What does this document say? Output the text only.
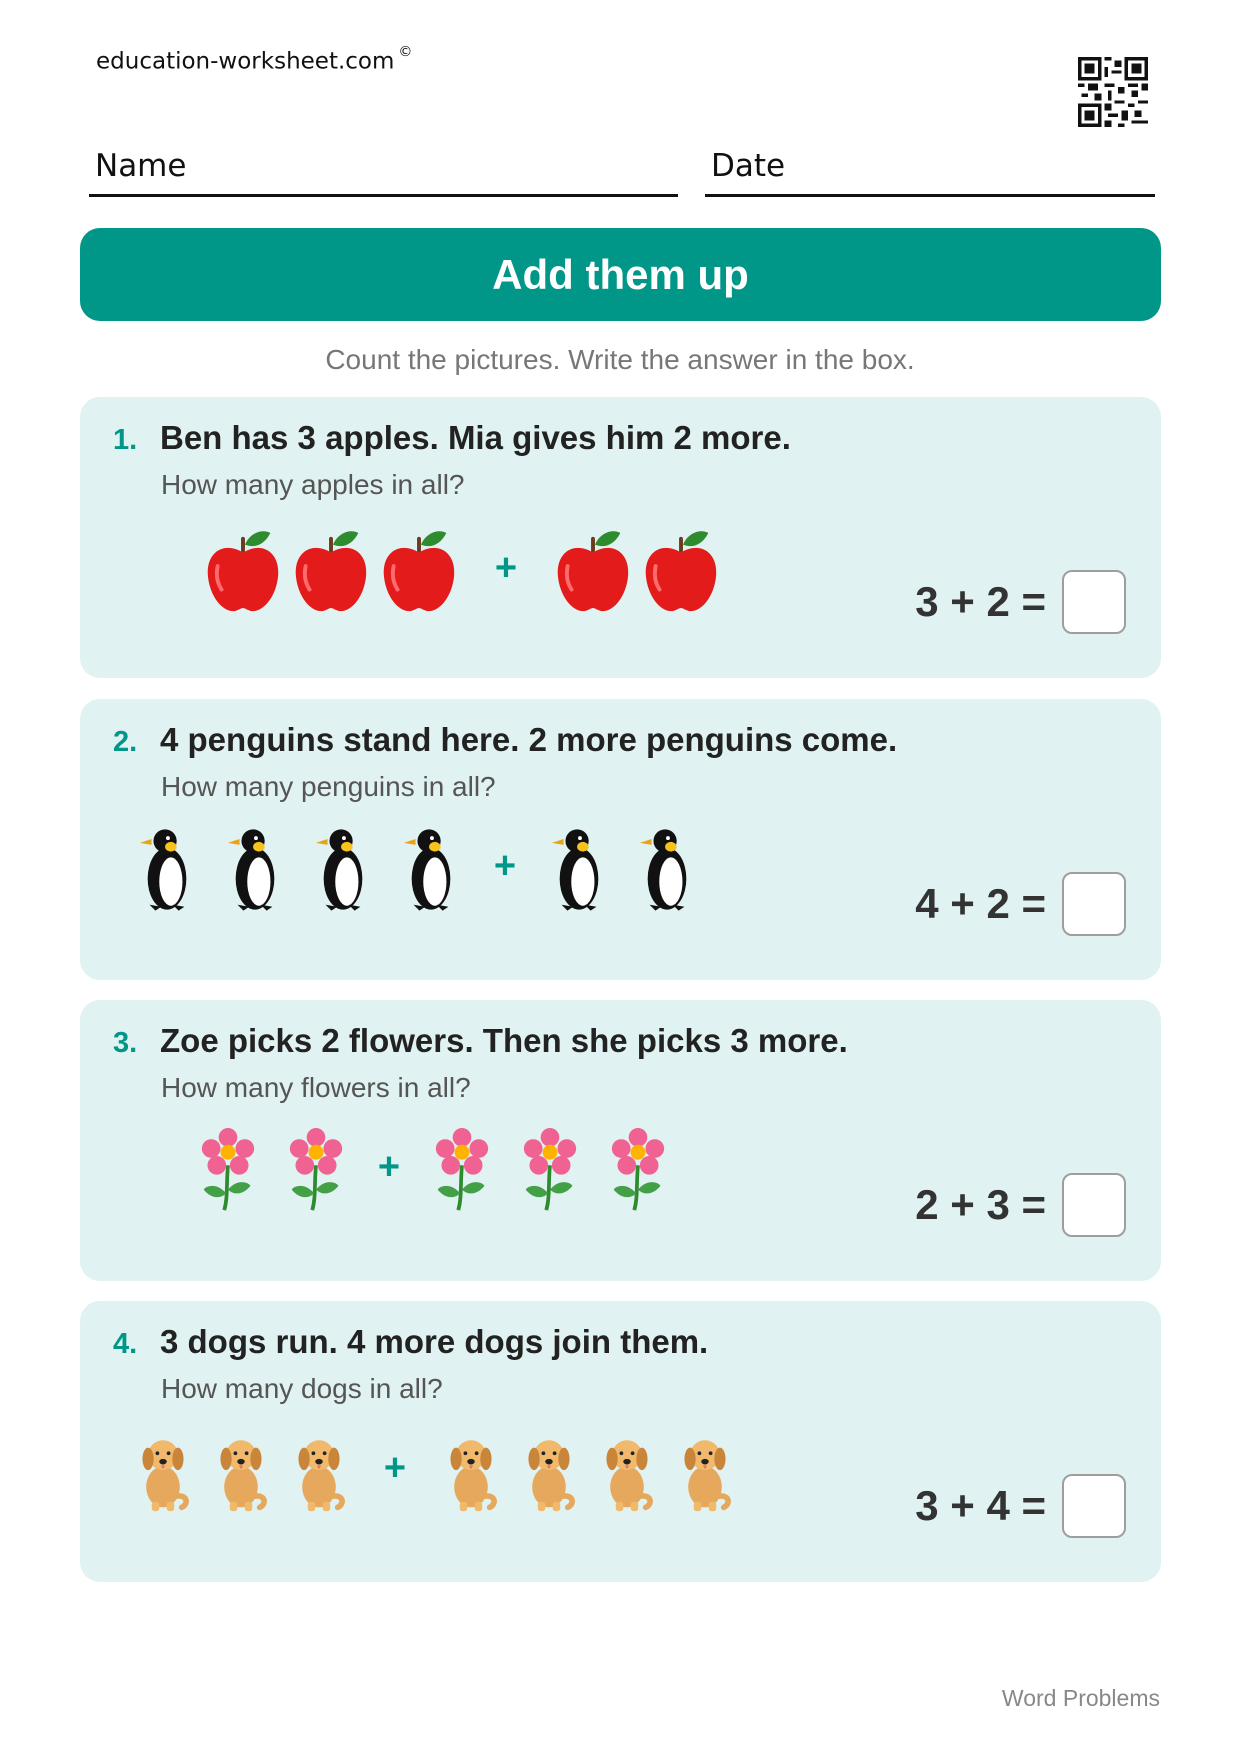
education-worksheet.com ©
Name	Date
Add them up
Count the pictures. Write the answer in the box.
1. Ben has 3 apples. Mia gives him 2 more.
How many apples in all?
+
3 + 2 =
2. 4 penguins stand here. 2 more penguins come.
How many penguins in all?
+
4 + 2 =
3. Zoe picks 2 flowers. Then she picks 3 more.
How many flowers in all?
+
2 + 3 =
4. 3 dogs run. 4 more dogs join them.
How many dogs in all?
+
3 + 4 =
Word Problems
